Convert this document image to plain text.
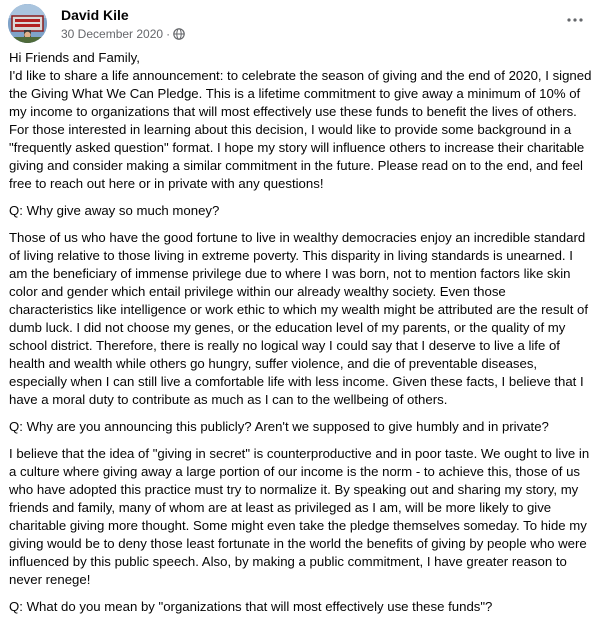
David Kile
30 December 2020 ·

Hi Friends and Family,
I'd like to share a life announcement: to celebrate the season of giving and the end of 2020, I signed the Giving What We Can Pledge. This is a lifetime commitment to give away a minimum of 10% of my income to organizations that will most effectively use these funds to benefit the lives of others. For those interested in learning about this decision, I would like to provide some background in a "frequently asked question" format. I hope my story will influence others to increase their charitable giving and consider making a similar commitment in the future. Please read on to the end, and feel free to reach out here or in private with any questions!

Q: Why give away so much money?

Those of us who have the good fortune to live in wealthy democracies enjoy an incredible standard of living relative to those living in extreme poverty. This disparity in living standards is unearned. I am the beneficiary of immense privilege due to where I was born, not to mention factors like skin color and gender which entail privilege within our already wealthy society. Even those characteristics like intelligence or work ethic to which my wealth might be attributed are the result of dumb luck. I did not choose my genes, or the education level of my parents, or the quality of my school district. Therefore, there is really no logical way I could say that I deserve to live a life of health and wealth while others go hungry, suffer violence, and die of preventable diseases, especially when I can still live a comfortable life with less income. Given these facts, I believe that I have a moral duty to contribute as much as I can to the wellbeing of others.

Q: Why are you announcing this publicly? Aren't we supposed to give humbly and in private?

I believe that the idea of "giving in secret" is counterproductive and in poor taste. We ought to live in a culture where giving away a large portion of our income is the norm - to achieve this, those of us who have adopted this practice must try to normalize it. By speaking out and sharing my story, my friends and family, many of whom are at least as privileged as I am, will be more likely to give charitable giving more thought. Some might even take the pledge themselves someday. To hide my giving would be to deny those least fortunate in the world the benefits of giving by people who were influenced by this public speech. Also, by making a public commitment, I have greater reason to never renege!

Q: What do you mean by "organizations that will most effectively use these funds"?
